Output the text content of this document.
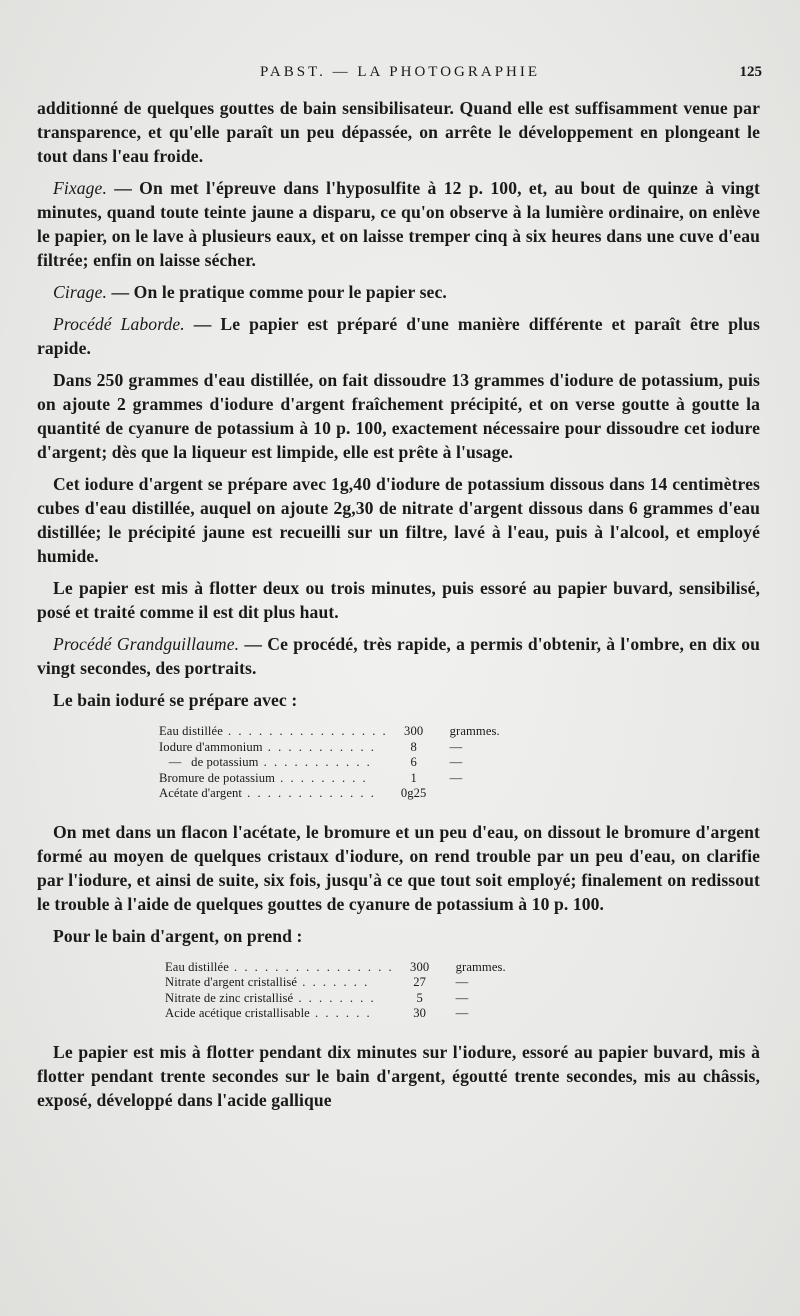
PABST. — LA PHOTOGRAPHIE	125

additionné de quelques gouttes de bain sensibilisateur. Quand elle est suffisamment venue par transparence, et qu'elle paraît un peu dépassée, on arrête le développement en plongeant le tout dans l'eau froide.

Fixage. — On met l'épreuve dans l'hyposulfite à 12 p. 100, et, au bout de quinze à vingt minutes, quand toute teinte jaune a disparu, ce qu'on observe à la lumière ordinaire, on enlève le papier, on le lave à plusieurs eaux, et on laisse tremper cinq à six heures dans une cuve d'eau filtrée; enfin on laisse sécher.

Cirage. — On le pratique comme pour le papier sec.

Procédé Laborde. — Le papier est préparé d'une manière différente et paraît être plus rapide.

Dans 250 grammes d'eau distillée, on fait dissoudre 13 grammes d'iodure de potassium, puis on ajoute 2 grammes d'iodure d'argent fraîchement précipité, et on verse goutte à goutte la quantité de cyanure de potassium à 10 p. 100, exactement nécessaire pour dissoudre cet iodure d'argent; dès que la liqueur est limpide, elle est prête à l'usage.

Cet iodure d'argent se prépare avec 1g,40 d'iodure de potassium dissous dans 14 centimètres cubes d'eau distillée, auquel on ajoute 2g,30 de nitrate d'argent dissous dans 6 grammes d'eau distillée; le précipité jaune est recueilli sur un filtre, lavé à l'eau, puis à l'alcool, et employé humide.

Le papier est mis à flotter deux ou trois minutes, puis essoré au papier buvard, sensibilisé, posé et traité comme il est dit plus haut.

Procédé Grandguillaume. — Ce procédé, très rapide, a permis d'obtenir, à l'ombre, en dix ou vingt secondes, des portraits.

Le bain ioduré se prépare avec :

Eau distillée . . . . . . . . . . . . . . . .	300	grammes.
Iodure d'ammonium . . . . . . . . . . .	8	—
—   de potassium . . . . . . . . . . .	6	—
Bromure de potassium . . . . . . . . .	1	—
Acétate d'argent . . . . . . . . . . . . .	0g25	

On met dans un flacon l'acétate, le bromure et un peu d'eau, on dissout le bromure d'argent formé au moyen de quelques cristaux d'iodure, on rend trouble par un peu d'eau, on clarifie par l'iodure, et ainsi de suite, six fois, jusqu'à ce que tout soit employé; finalement on redissout le trouble à l'aide de quelques gouttes de cyanure de potassium à 10 p. 100.

Pour le bain d'argent, on prend :

Eau distillée . . . . . . . . . . . . . . . .	300	grammes.
Nitrate d'argent cristallisé . . . . . . .	27	—
Nitrate de zinc cristallisé . . . . . . . .	5	—
Acide acétique cristallisable . . . . . .	30	—

Le papier est mis à flotter pendant dix minutes sur l'iodure, essoré au papier buvard, mis à flotter pendant trente secondes sur le bain d'argent, égoutté trente secondes, mis au châssis, exposé, développé dans l'acide gallique
